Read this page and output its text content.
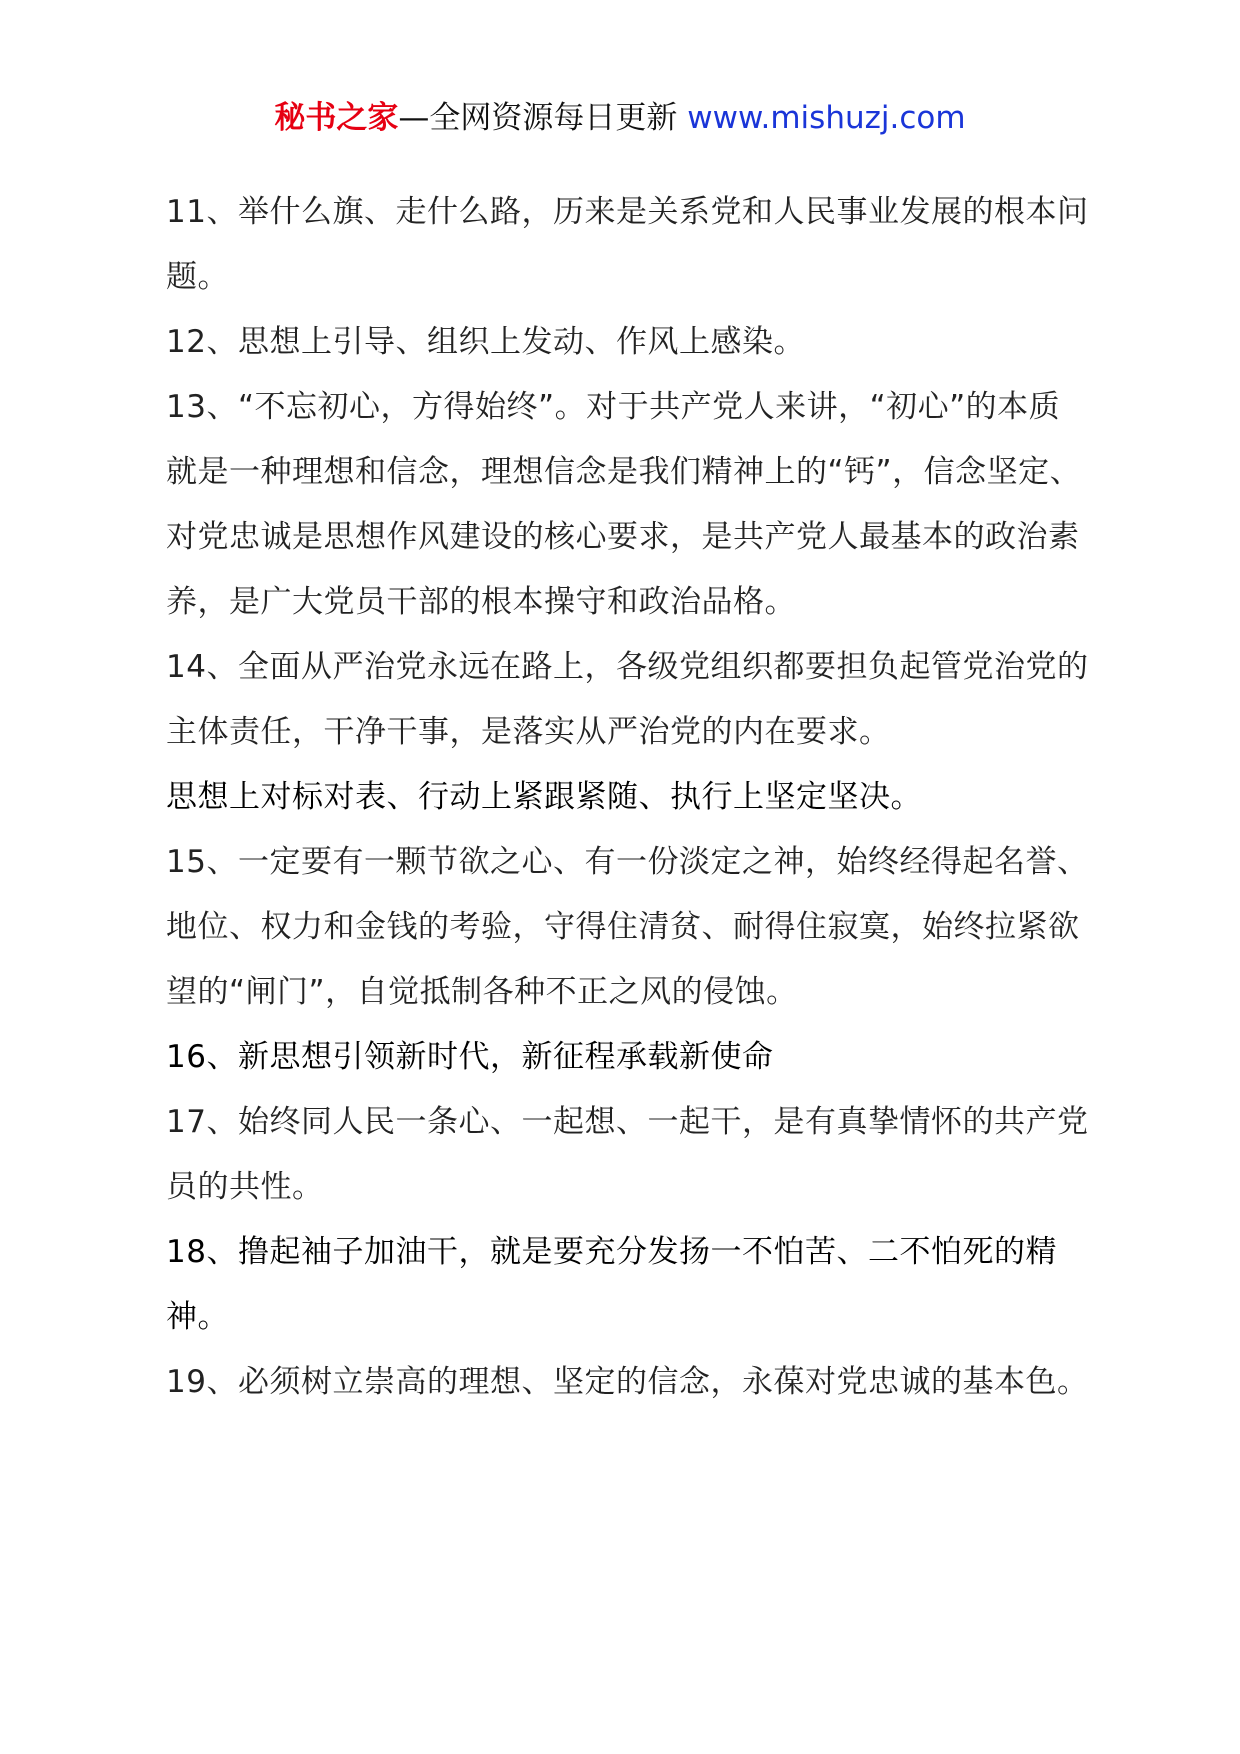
秘书之家—全网资源每日更新 www.mishuzj.com

11、举什么旗、走什么路，历来是关系党和人民事业发展的根本问题。

12、思想上引导、组织上发动、作风上感染。

13、“不忘初心，方得始终”。对于共产党人来讲，“初心”的本质就是一种理想和信念，理想信念是我们精神上的“钙”，信念坚定、对党忠诚是思想作风建设的核心要求，是共产党人最基本的政治素养，是广大党员干部的根本操守和政治品格。

14、全面从严治党永远在路上，各级党组织都要担负起管党治党的主体责任，干净干事，是落实从严治党的内在要求。

思想上对标对表、行动上紧跟紧随、执行上坚定坚决。

15、一定要有一颗节欲之心、有一份淡定之神，始终经得起名誉、地位、权力和金钱的考验，守得住清贫、耐得住寂寞，始终拉紧欲望的“闸门”，自觉抵制各种不正之风的侵蚀。

16、新思想引领新时代，新征程承载新使命

17、始终同人民一条心、一起想、一起干，是有真挚情怀的共产党员的共性。

18、撸起袖子加油干，就是要充分发扬一不怕苦、二不怕死的精神。

19、必须树立崇高的理想、坚定的信念，永葆对党忠诚的基本色。
